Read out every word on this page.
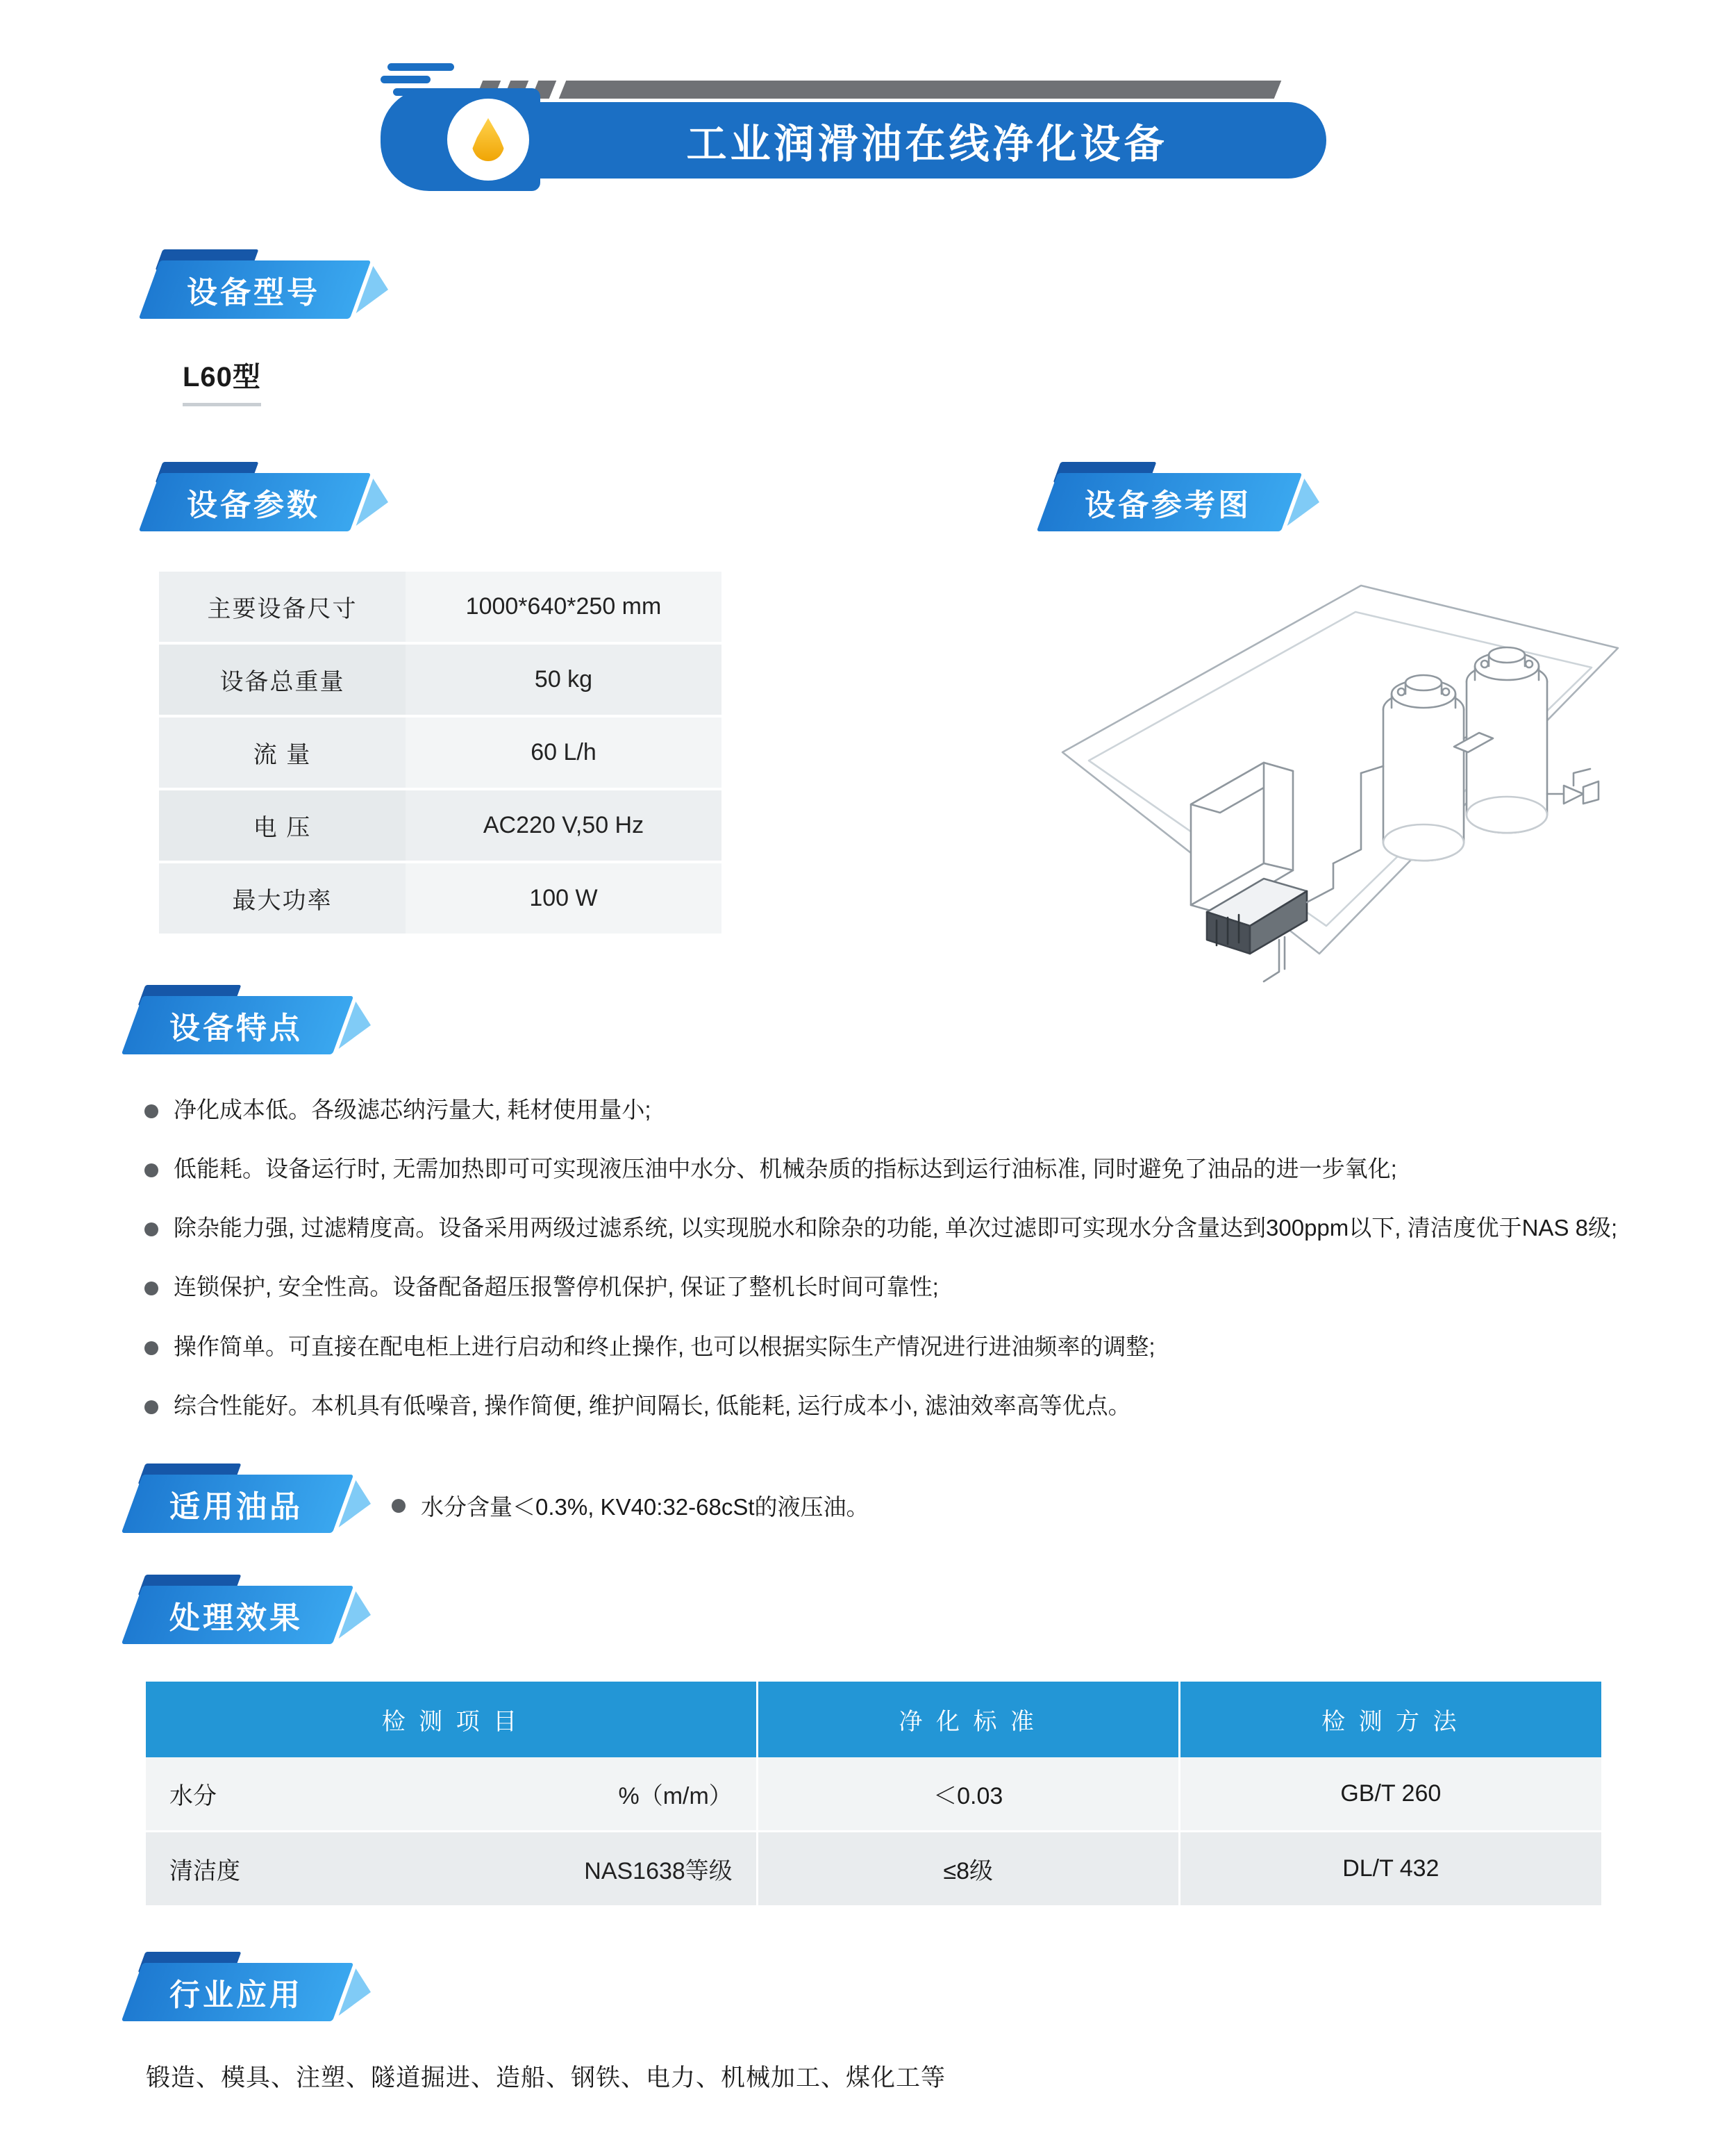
工业润滑油在线净化设备
设备型号
L60型
设备参数
主要设备尺寸	1000*640*250 mm
设备总重量	50 kg
流 量	60 L/h
电 压	AC220 V,50 Hz
最大功率	100 W
设备参考图
设备特点
净化成本低。各级滤芯纳污量大, 耗材使用量小;
低能耗。设备运行时, 无需加热即可可实现液压油中水分、机械杂质的指标达到运行油标准, 同时避免了油品的进一步氧化;
除杂能力强, 过滤精度高。设备采用两级过滤系统, 以实现脱水和除杂的功能, 单次过滤即可实现水分含量达到300ppm以下, 清洁度优于NAS 8级;
连锁保护, 安全性高。设备配备超压报警停机保护, 保证了整机长时间可靠性;
操作简单。可直接在配电柜上进行启动和终止操作, 也可以根据实际生产情况进行进油频率的调整;
综合性能好。本机具有低噪音, 操作简便, 维护间隔长, 低能耗, 运行成本小, 滤油效率高等优点。
适用油品	水分含量＜0.3%, KV40:32-68cSt的液压油。
处理效果
检 测 项 目	净 化 标 准	检 测 方 法

水分 %（m/m）	＜0.03	GB/T 260

清洁度 NAS1638等级	≤8级	DL/T 432
行业应用
锻造、模具、注塑、隧道掘进、造船、钢铁、电力、机械加工、煤化工等
